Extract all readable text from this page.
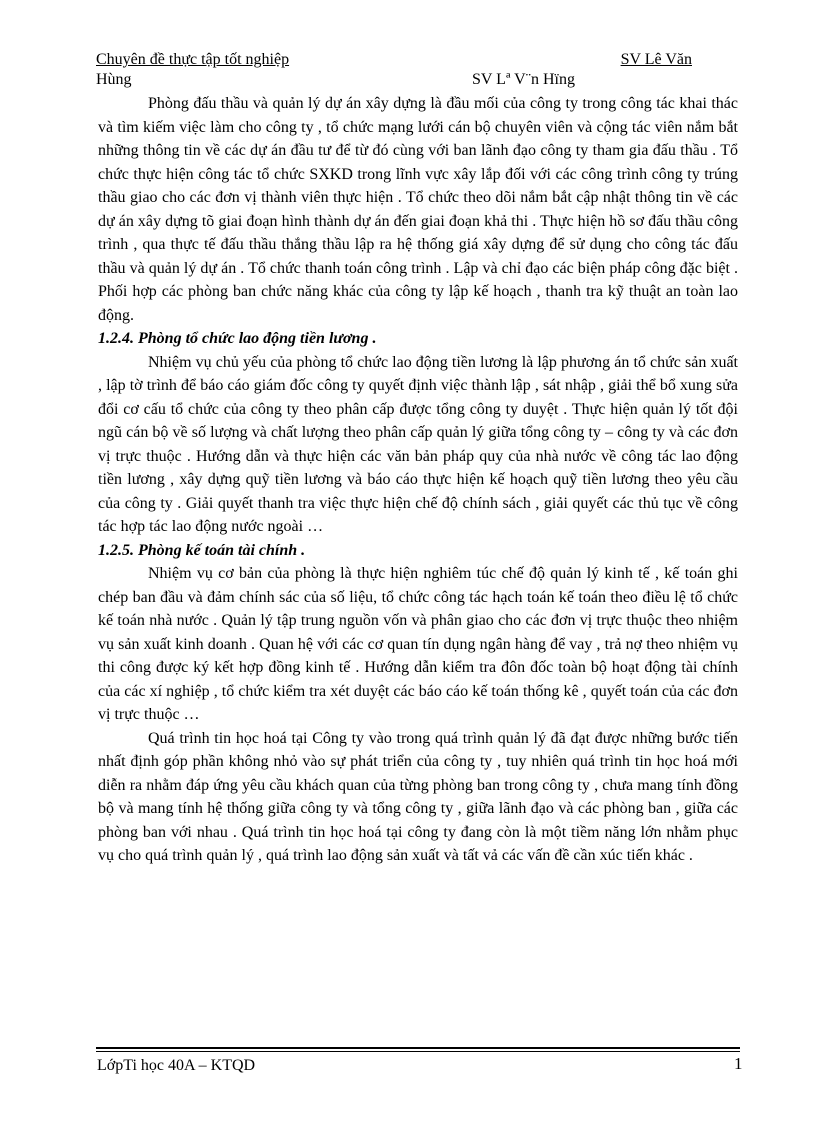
Chuyên đề thực tập tốt nghiệp	SV Lê Văn
Hùng	SV Lª V¨n Hïng

Phòng đấu thầu và quản lý dự án xây dựng là đầu mối của công ty trong công tác khai thác và tìm kiếm việc làm cho công ty , tổ chức mạng lưới cán bộ chuyên viên và cộng tác viên nắm bắt những thông tin về các dự án đầu tư để từ đó cùng với ban lãnh đạo công ty tham gia đấu thầu . Tổ chức thực hiện công tác tổ chức SXKD trong lĩnh vực xây lắp đối với các công trình công ty trúng thầu giao cho các đơn vị thành viên thực hiện . Tổ chức theo dõi nắm bắt cập nhật thông tin về các dự án xây dựng tõ giai đoạn hình thành dự án đến giai đoạn khả thi . Thực hiện hồ sơ đấu thầu công trình , qua thực tế đấu thầu thắng thầu lập ra hệ thống giá xây dựng để sử dụng cho công tác đấu thầu và quản lý dự án . Tổ chức thanh toán công trình . Lập và chỉ đạo các biện pháp công đặc biệt . Phối hợp các phòng ban chức năng khác của công ty lập kế hoạch , thanh tra kỹ thuật an toàn lao động.

1.2.4. Phòng tổ chức lao động tiền lương .

Nhiệm vụ chủ yếu của phòng tổ chức lao động tiền lương là lập phương án tổ chức sản xuất , lập tờ trình để báo cáo giám đốc công ty quyết định việc thành lập , sát nhập , giải thể bổ xung sửa đổi cơ cấu tổ chức của công ty theo phân cấp được tổng công ty duyệt . Thực hiện quản lý tốt đội ngũ cán bộ về số lượng và chất lượng theo phân cấp quản lý giữa tổng công ty – công ty và các đơn vị trực thuộc . Hướng dẫn và thực hiện các văn bản pháp quy của nhà nước về công tác lao động tiền lương , xây dựng quỹ tiền lương và báo cáo thực hiện kế hoạch quỹ tiền lương theo yêu cầu của công ty . Giải quyết thanh tra việc thực hiện chế độ chính sách , giải quyết các thủ tục về công tác hợp tác lao động nước ngoài …

1.2.5. Phòng kế toán tài chính .

Nhiệm vụ cơ bản của phòng là thực hiện nghiêm túc chế độ quản lý kinh tế , kế toán ghi chép ban đầu và đảm chính sác của số liệu, tổ chức công tác hạch toán kế toán theo điều lệ tổ chức kế toán nhà nước . Quản lý tập trung nguồn vốn và phân giao cho các đơn vị trực thuộc theo nhiệm vụ sản xuất kinh doanh . Quan hệ với các cơ quan tín dụng ngân hàng để vay , trả nợ theo nhiệm vụ thi công được ký kết hợp đồng kinh tế . Hướng dẫn kiểm tra đôn đốc toàn bộ hoạt động tài chính của các xí nghiệp , tổ chức kiểm tra xét duyệt các báo cáo kế toán thống kê , quyết toán của các đơn vị trực thuộc …

Quá trình tin học hoá tại Công ty vào trong quá trình quản lý đã đạt được những bước tiến nhất định góp phần không nhỏ vào sự phát triển của công ty , tuy nhiên quá trình tin học hoá mới diễn ra nhằm đáp ứng yêu cầu khách quan của từng phòng ban trong công ty , chưa mang tính đồng bộ và mang tính hệ thống giữa công ty và tổng công ty , giữa lãnh đạo và các phòng ban , giữa các phòng ban với nhau . Quá trình tin học hoá tại công ty đang còn là một tiềm năng lớn nhằm phục vụ cho quá trình quản lý , quá trình lao động sản xuất và tất vả các vấn đề cần xúc tiến khác .

LớpTi học 40A – KTQD	1
